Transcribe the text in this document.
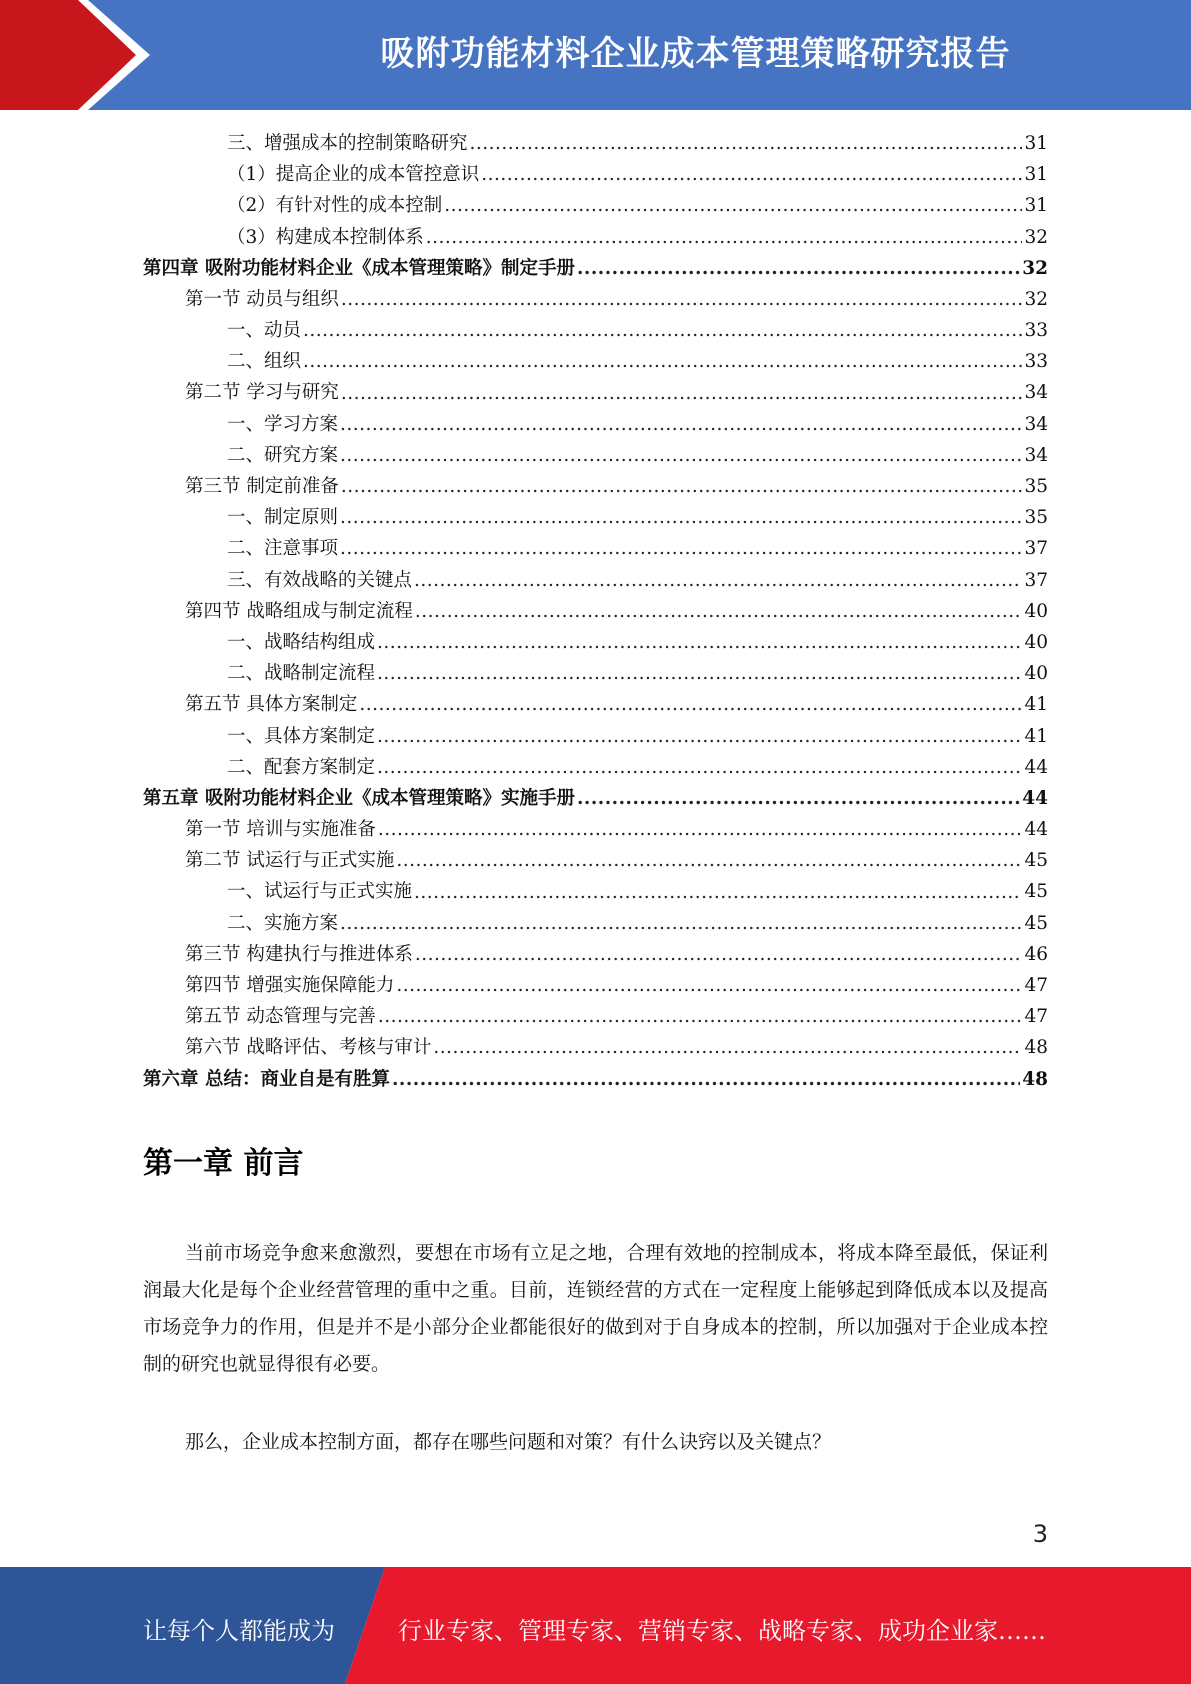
吸附功能材料企业成本管理策略研究报告
三、增强成本的控制策略研究 .....	31
（1）提高企业的成本管控意识 .....	31
（2）有针对性的成本控制 .....	31
（3）构建成本控制体系 .....	32
第四章 吸附功能材料企业《成本管理策略》制定手册 .....	32
第一节 动员与组织 .....	32
一、动员 .....	33
二、组织 .....	33
第二节 学习与研究 .....	34
一、学习方案 .....	34
二、研究方案 .....	34
第三节 制定前准备 .....	35
一、制定原则 .....	35
二、注意事项 .....	37
三、有效战略的关键点 .....	37
第四节 战略组成与制定流程 .....	40
一、战略结构组成 .....	40
二、战略制定流程 .....	40
第五节 具体方案制定 .....	41
一、具体方案制定 .....	41
二、配套方案制定 .....	44
第五章 吸附功能材料企业《成本管理策略》实施手册 .....	44
第一节 培训与实施准备 .....	44
第二节 试运行与正式实施 .....	45
一、试运行与正式实施 .....	45
二、实施方案 .....	45
第三节 构建执行与推进体系 .....	46
第四节 增强实施保障能力 .....	47
第五节 动态管理与完善 .....	47
第六节 战略评估、考核与审计 .....	48
第六章 总结：商业自是有胜算 .....	48
第一章 前言
当前市场竞争愈来愈激烈，要想在市场有立足之地，合理有效地的控制成本，将成本降至最低，保证利润最大化是每个企业经营管理的重中之重。目前，连锁经营的方式在一定程度上能够起到降低成本以及提高市场竞争力的作用，但是并不是小部分企业都能很好的做到对于自身成本的控制，所以加强对于企业成本控制的研究也就显得很有必要。
那么，企业成本控制方面，都存在哪些问题和对策？有什么诀窍以及关键点？
3
让每个人都能成为	行业专家、管理专家、营销专家、战略专家、成功企业家……
